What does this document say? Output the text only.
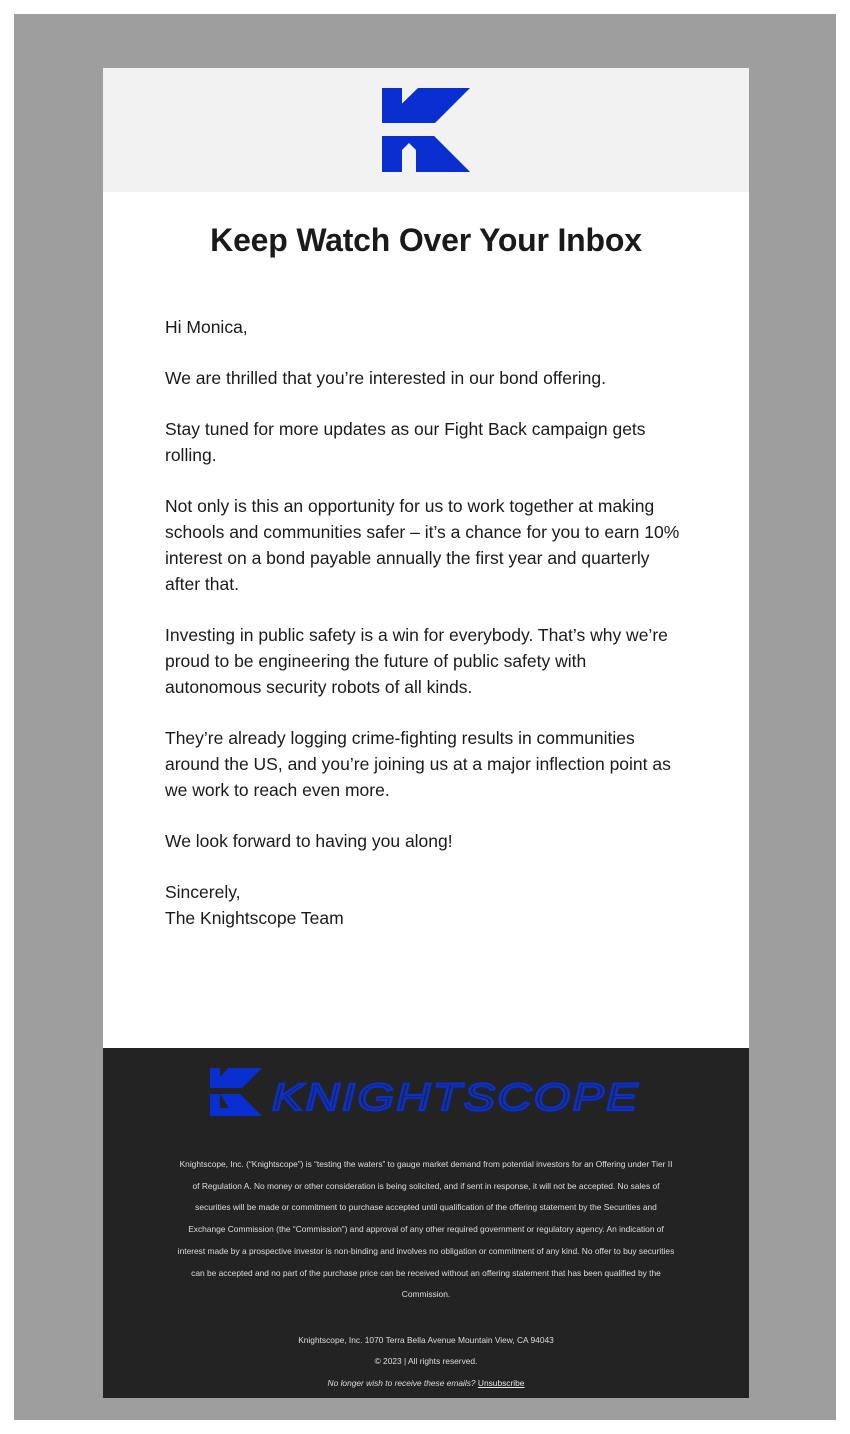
Keep Watch Over Your Inbox

Hi Monica,

We are thrilled that you’re interested in our bond offering.

Stay tuned for more updates as our Fight Back campaign gets rolling.

Not only is this an opportunity for us to work together at making schools and communities safer – it’s a chance for you to earn 10% interest on a bond payable annually the first year and quarterly after that.

Investing in public safety is a win for everybody. That’s why we’re proud to be engineering the future of public safety with autonomous security robots of all kinds.

They’re already logging crime-fighting results in communities around the US, and you’re joining us at a major inflection point as we work to reach even more.

We look forward to having you along!

Sincerely,
The Knightscope Team

KNIGHTSCOPE
Knightscope, Inc. (“Knightscope”) is “testing the waters” to gauge market demand from potential investors for an Offering under Tier II of Regulation A. No money or other consideration is being solicited, and if sent in response, it will not be accepted. No sales of securities will be made or commitment to purchase accepted until qualification of the offering statement by the Securities and Exchange Commission (the “Commission”) and approval of any other required government or regulatory agency. An indication of interest made by a prospective investor is non-binding and involves no obligation or commitment of any kind. No offer to buy securities can be accepted and no part of the purchase price can be received without an offering statement that has been qualified by the Commission.
Knightscope, Inc. 1070 Terra Bella Avenue Mountain View, CA 94043
© 2023 | All rights reserved.
No longer wish to receive these emails? Unsubscribe
